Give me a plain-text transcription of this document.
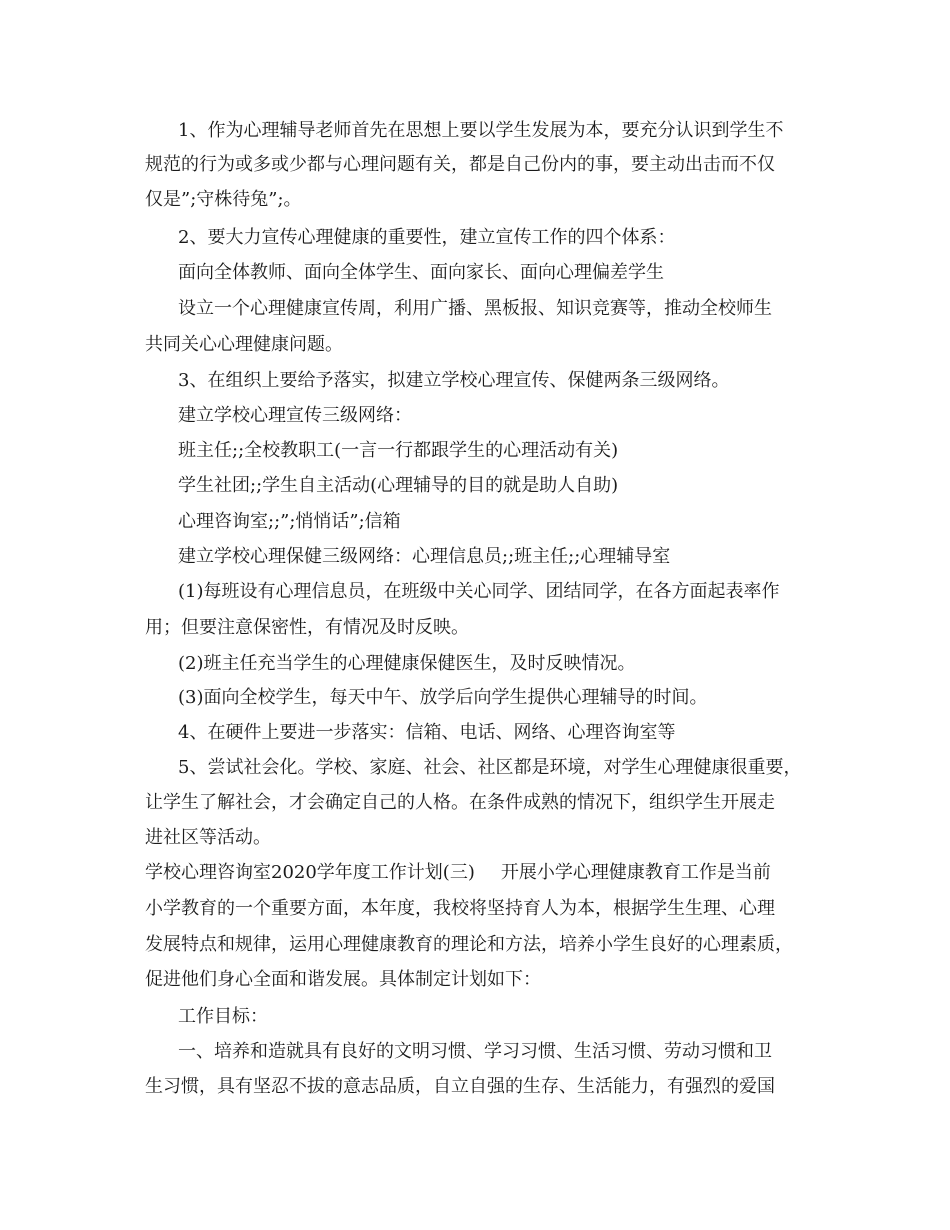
1、作为心理辅导老师首先在思想上要以学生发展为本，要充分认识到学生不
规范的行为或多或少都与心理问题有关，都是自己份内的事，要主动出击而不仅
仅是”;守株待兔”;。
2、要大力宣传心理健康的重要性，建立宣传工作的四个体系：
面向全体教师、面向全体学生、面向家长、面向心理偏差学生
设立一个心理健康宣传周，利用广播、黑板报、知识竞赛等，推动全校师生
共同关心心理健康问题。
3、在组织上要给予落实，拟建立学校心理宣传、保健两条三级网络。
建立学校心理宣传三级网络：
班主任;;全校教职工(一言一行都跟学生的心理活动有关)
学生社团;;学生自主活动(心理辅导的目的就是助人自助)
心理咨询室;;”;悄悄话”;信箱
建立学校心理保健三级网络：心理信息员;;班主任;;心理辅导室
(1)每班设有心理信息员，在班级中关心同学、团结同学，在各方面起表率作
用；但要注意保密性，有情况及时反映。
(2)班主任充当学生的心理健康保健医生，及时反映情况。
(3)面向全校学生，每天中午、放学后向学生提供心理辅导的时间。
4、在硬件上要进一步落实：信箱、电话、网络、心理咨询室等
5、尝试社会化。学校、家庭、社会、社区都是环境，对学生心理健康很重要，
让学生了解社会，才会确定自己的人格。在条件成熟的情况下，组织学生开展走
进社区等活动。
学校心理咨询室2020学年度工作计划(三) 开展小学心理健康教育工作是当前
小学教育的一个重要方面，本年度，我校将坚持育人为本，根据学生生理、心理
发展特点和规律，运用心理健康教育的理论和方法，培养小学生良好的心理素质，
促进他们身心全面和谐发展。具体制定计划如下：
工作目标：
一、培养和造就具有良好的文明习惯、学习习惯、生活习惯、劳动习惯和卫
生习惯，具有坚忍不拔的意志品质，自立自强的生存、生活能力，有强烈的爱国
